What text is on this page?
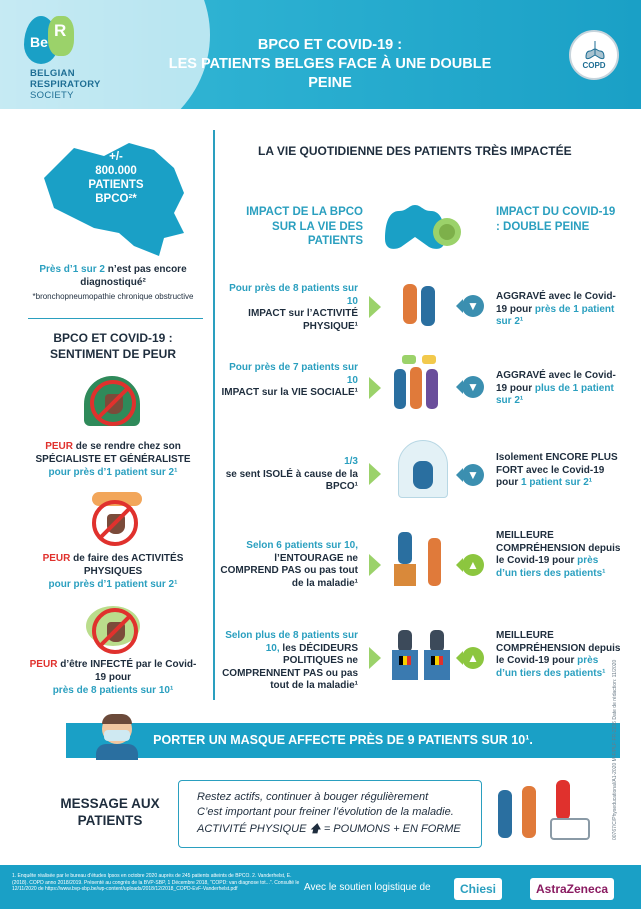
Be
R
BELGIAN
RESPIRATORY
SOCIETY
BPCO ET COVID-19 :
LES PATIENTS BELGES FACE À UNE DOUBLE PEINE
COPD
+/-
800.000
PATIENTS
BPCO²*
Près d’1 sur 2 n’est pas encore diagnostiqué²
*bronchopneumopathie chronique obstructive
BPCO ET COVID-19 : SENTIMENT DE PEUR
PEUR de se rendre chez son SPÉCIALISTE ET GÉNÉRALISTE
pour près d’1 patient sur 2¹
PEUR de faire des ACTIVITÉS PHYSIQUES
pour près d’1 patient sur 2¹
PEUR d’être INFECTÉ par le Covid-19 pour
près de 8 patients sur 10¹
LA VIE QUOTIDIENNE DES PATIENTS TRÈS IMPACTÉE
IMPACT DE LA BPCO SUR LA VIE DES PATIENTS
IMPACT DU COVID-19 : DOUBLE PEINE
Pour près de 8 patients sur 10
IMPACT sur l’ACTIVITÉ PHYSIQUE¹
▼
AGGRAVÉ avec le Covid-19 pour près de 1 patient sur 2¹
Pour près de 7 patients sur 10
IMPACT sur la VIE SOCIALE¹	▼
AGGRAVÉ avec le Covid-19 pour plus de 1 patient sur 2¹
1/3
se sent ISOLÉ à cause de la BPCO¹
▼
Isolement ENCORE PLUS FORT avec le Covid-19 pour 1 patient sur 2¹
Selon 6 patients sur 10,
l’ENTOURAGE ne COMPREND PAS ou pas tout de la maladie¹
▲
MEILLEURE COMPRÉHENSION depuis le Covid-19 pour près d’un tiers des patients¹
Selon plus de 8 patients sur 10, les DÉCIDEURS POLITIQUES ne COMPRENNENT PAS ou pas tout de la maladie¹
▲
MEILLEURE COMPRÉHENSION depuis le Covid-19 pour près d’un tiers des patients¹
PORTER UN MASQUE AFFECTE PRÈS DE 9 PATIENTS SUR 10¹.
MESSAGE AUX PATIENTS

Restez actifs, continuer à bouger régulièrement

C’est important pour freiner l’évolution de la maladie.

ACTIVITÉ PHYSIQUE 🡅 = POUMONS + EN FORME

1. Enquête réalisée par le bureau d’études Ipsos en octobre 2020 auprès de 245 patients atteints de BPCO. 2. Vanderhelst, E. (2018). COPD anno 2018/2019. Présenté au congrès de la BVP-SBP, 1 Décembre 2018, “COPD: van diagnose tot...”. Consulté le 12/11/2020 de https://www.bvp-sbp.be/wp-content/uploads/2018/12/2018_COPD-EvF-Vanderhelst.pdf	Avec le soutien logistique de	Chiesi	AstraZeneca
00767/C/Physeducational/A1-2020 M-F/PLF FR-2236 Date de rédaction: 11/2020
